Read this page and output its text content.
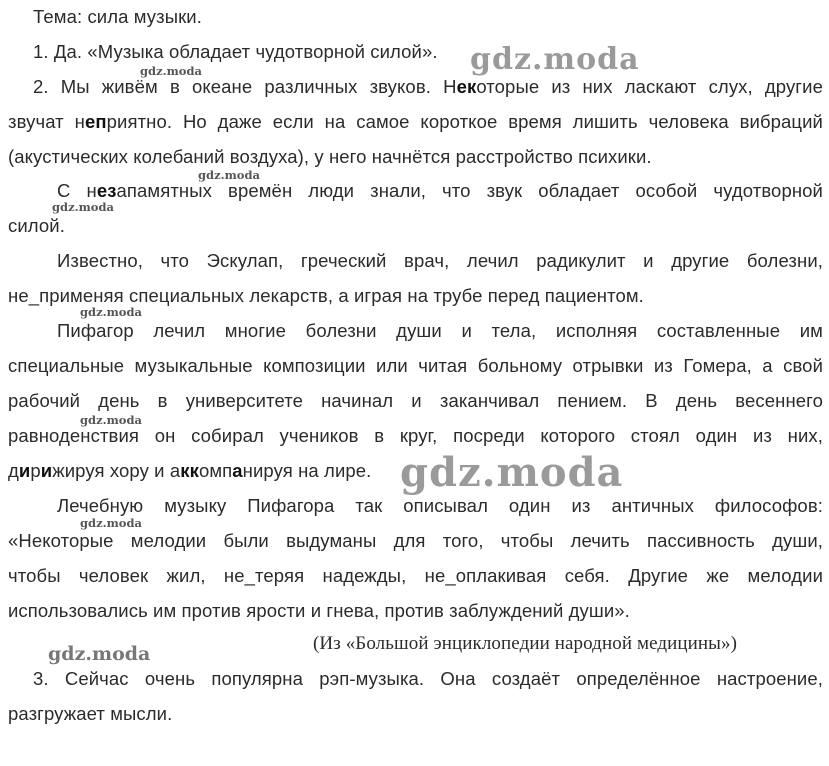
Тема: сила музыки.
1. Да. «Музыка обладает чудотворной силой».
2. Мы живём в океане различных звуков. Некоторые из них ласкают слух, другие
звучат неприятно. Но даже если на самое короткое время лишить человека вибраций
(акустических колебаний воздуха), у него начнётся расстройство психики.
С незапамятных времён люди знали, что звук обладает особой чудотворной
силой.
Известно, что Эскулап, греческий врач, лечил радикулит и другие болезни,
не_применяя специальных лекарств, а играя на трубе перед пациентом.
Пифагор лечил многие болезни души и тела, исполняя составленные им
специальные музыкальные композиции или читая больному отрывки из Гомера, а свой
рабочий день в университете начинал и заканчивал пением. В день весеннего
равноденствия он собирал учеников в круг, посреди которого стоял один из них,
дирижируя хору и аккомпанируя на лире.
Лечебную музыку Пифагора так описывал один из античных философов:
«Некоторые мелодии были выдуманы для того, чтобы лечить пассивность души,
чтобы человек жил, не_теряя надежды, не_оплакивая себя. Другие же мелодии
использовались им против ярости и гнева, против заблуждений души».
(Из «Большой энциклопедии народной медицины»)
3. Сейчас очень популярна рэп-музыка. Она создаёт определённое настроение,
разгружает мысли.
gdz.moda
gdz.moda
gdz.moda
gdz.moda
gdz.moda
gdz.moda
gdz.moda
gdz.moda
gdz.moda
